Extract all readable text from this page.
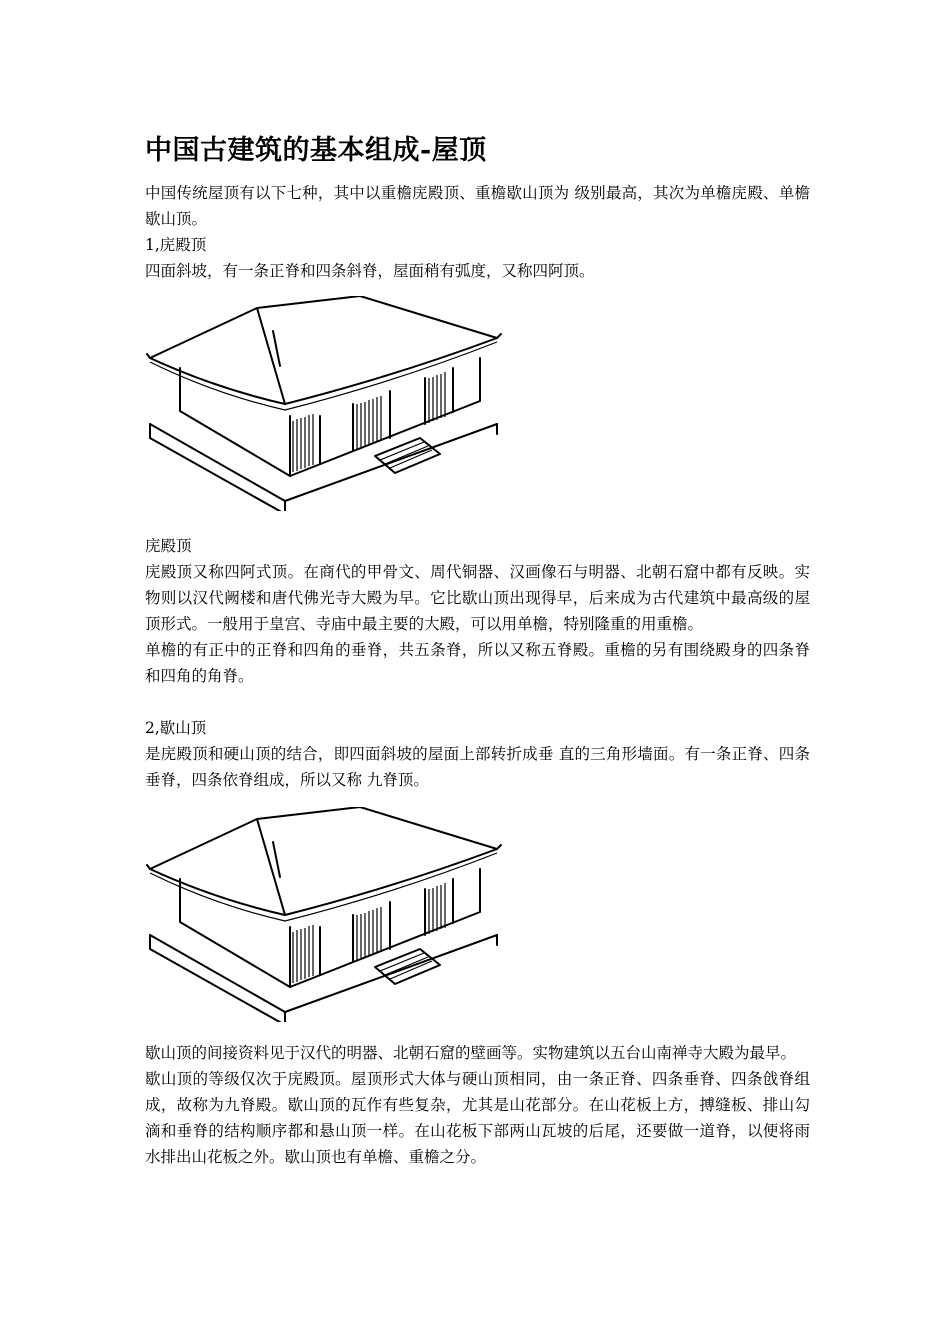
中国古建筑的基本组成-屋顶

中国传统屋顶有以下七种，其中以重檐庑殿顶、重檐歇山顶为 级别最高，其次为单檐庑殿、单檐歇山顶。

1,庑殿顶

四面斜坡，有一条正脊和四条斜脊，屋面稍有弧度，又称四阿顶。

庑殿顶

庑殿顶又称四阿式顶。在商代的甲骨文、周代铜器、汉画像石与明器、北朝石窟中都有反映。实物则以汉代阙楼和唐代佛光寺大殿为早。它比歇山顶出现得早，后来成为古代建筑中最高级的屋顶形式。一般用于皇宫、寺庙中最主要的大殿，可以用单檐，特别隆重的用重檐。

单檐的有正中的正脊和四角的垂脊，共五条脊，所以又称五脊殿。重檐的另有围绕殿身的四条脊和四角的角脊。

2,歇山顶

是庑殿顶和硬山顶的结合，即四面斜坡的屋面上部转折成垂 直的三角形墙面。有一条正脊、四条垂脊，四条依脊组成，所以又称 九脊顶。

歇山顶的间接资料见于汉代的明器、北朝石窟的壁画等。实物建筑以五台山南禅寺大殿为最早。

歇山顶的等级仅次于庑殿顶。屋顶形式大体与硬山顶相同，由一条正脊、四条垂脊、四条戗脊组成，故称为九脊殿。歇山顶的瓦作有些复杂，尤其是山花部分。在山花板上方，搏缝板、排山勾滴和垂脊的结构顺序都和悬山顶一样。在山花板下部两山瓦坡的后尾，还要做一道脊，以便将雨水排出山花板之外。歇山顶也有单檐、重檐之分。
